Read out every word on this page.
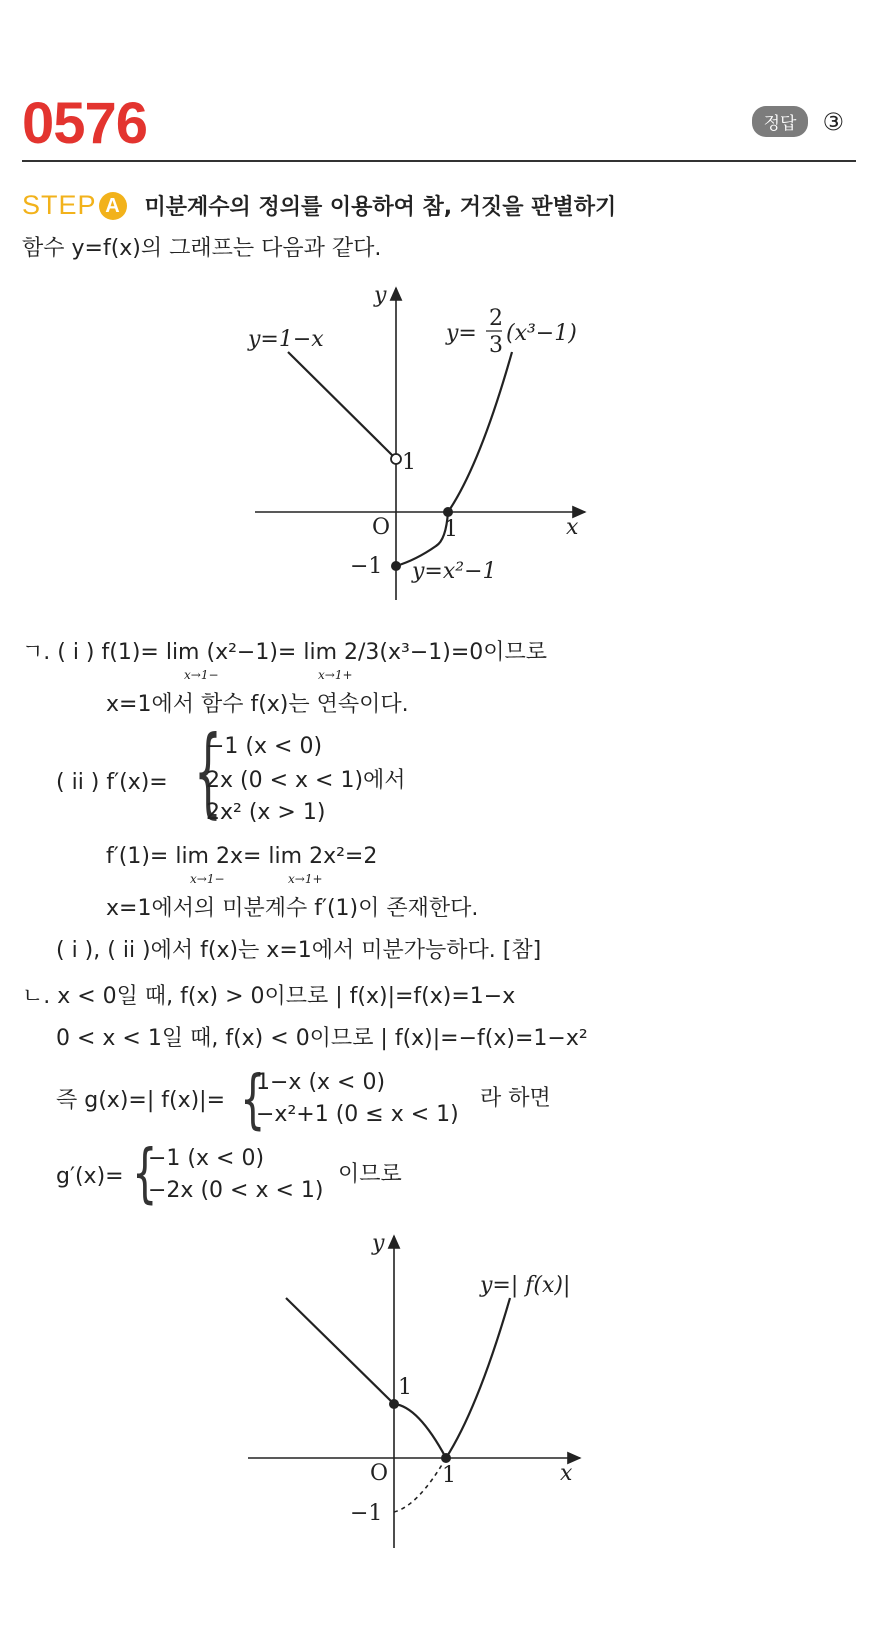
0576	정답	③
STEP A	미분계수의 정의를 이용하여 참, 거짓을 판별하기
함수 y=f(x)의 그래프는 다음과 같다.
y
x
O
1
1
−1
y=1−x	y=
2
3 (x³−1)
y=x²−1
ㄱ. ( i ) f(1)= lim (x²−1)= lim 2/3(x³−1)=0이므로
x→1−	x→1+
x=1에서 함수 f(x)는 연속이다.
( ii ) f′(x)= {
−1 (x < 0)
2x (0 < x < 1)에서
2x² (x > 1)
f′(1)= lim 2x= lim 2x²=2
x→1−	x→1+
x=1에서의 미분계수 f′(1)이 존재한다.
( i ), ( ii )에서 f(x)는 x=1에서 미분가능하다. [참]
ㄴ. x < 0일 때, f(x) > 0이므로 | f(x)|=f(x)=1−x
0 < x < 1일 때, f(x) < 0이므로 | f(x)|=−f(x)=1−x²
즉 g(x)=| f(x)|= {
1−x (x < 0)
−x²+1 (0 ≤ x < 1)
라 하면
g′(x)= {
−1 (x < 0)
−2x (0 < x < 1)
이므로
y
x
O
1
1
−1
y=| f(x)|
